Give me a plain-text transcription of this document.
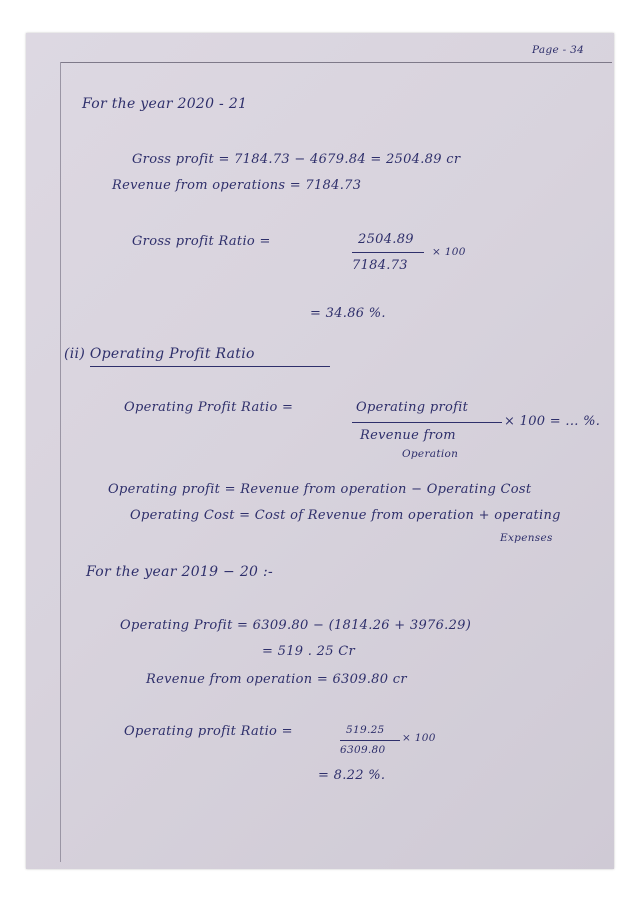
Page - 34
For the year 2020 - 21
Gross profit = 7184.73 − 4679.84 = 2504.89 cr
Revenue from operations = 7184.73
Gross profit Ratio =	2504.89
7184.73
× 100
= 34.86 %.
(ii) Operating Profit Ratio
Operating Profit Ratio =	Operating profit
× 100 = ... %.
Revenue from
Operation
Operating profit = Revenue from operation − Operating Cost
Operating Cost = Cost of Revenue from operation + operating
Expenses
For the year 2019 − 20 :-
Operating Profit = 6309.80 − (1814.26 + 3976.29)
= 519 . 25 Cr
Revenue from operation = 6309.80 cr
Operating profit Ratio =	519.25
6309.80
× 100
= 8.22 %.
